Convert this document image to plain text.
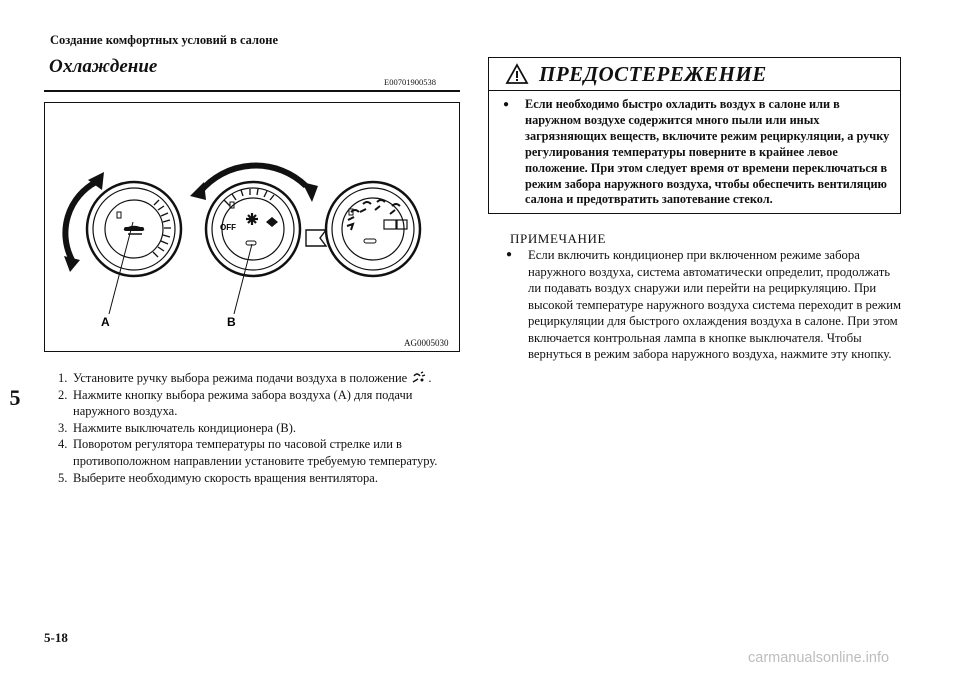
Создание комфортных условий в салоне
Охлаждение
E00701900538
5
OFF
A	B
AG0005030
1. Установите ручку выбора режима подачи воздуха в положение .
2. Нажмите кнопку выбора режима забора воздуха (A) для подачи наружного воздуха.
3. Нажмите выключатель кондиционера (B).
4. Поворотом регулятора температуры по часовой стрелке или в противоположном направлении установите требуемую температуру.
5. Выберите необходимую скорость вращения вентилятора.
ПРЕДОСТЕРЕЖЕНИЕ
●	Если необходимо быстро охладить воздух в салоне или в наружном воздухе содержится много пыли или иных загрязняющих веществ, включите режим рециркуляции, а ручку регулирования температуры поверните в крайнее левое положение. При этом следует время от времени переключаться в режим забора наружного воздуха, чтобы обеспечить вентиляцию салона и предотвратить запотевание стекол.
ПРИМЕЧАНИЕ
●	Если включить кондиционер при включенном режиме забора наружного воздуха, система автоматически определит, продолжать ли подавать воздух снаружи или перейти на рециркуляцию. При высокой температуре наружного воздуха система переходит в режим рециркуляции для быстрого охлаждения воздуха в салоне. При этом включается контрольная лампа в кнопке выключателя. Чтобы вернуться в режим забора наружного воздуха, нажмите эту кнопку.
5-18
carmanualsonline.info
